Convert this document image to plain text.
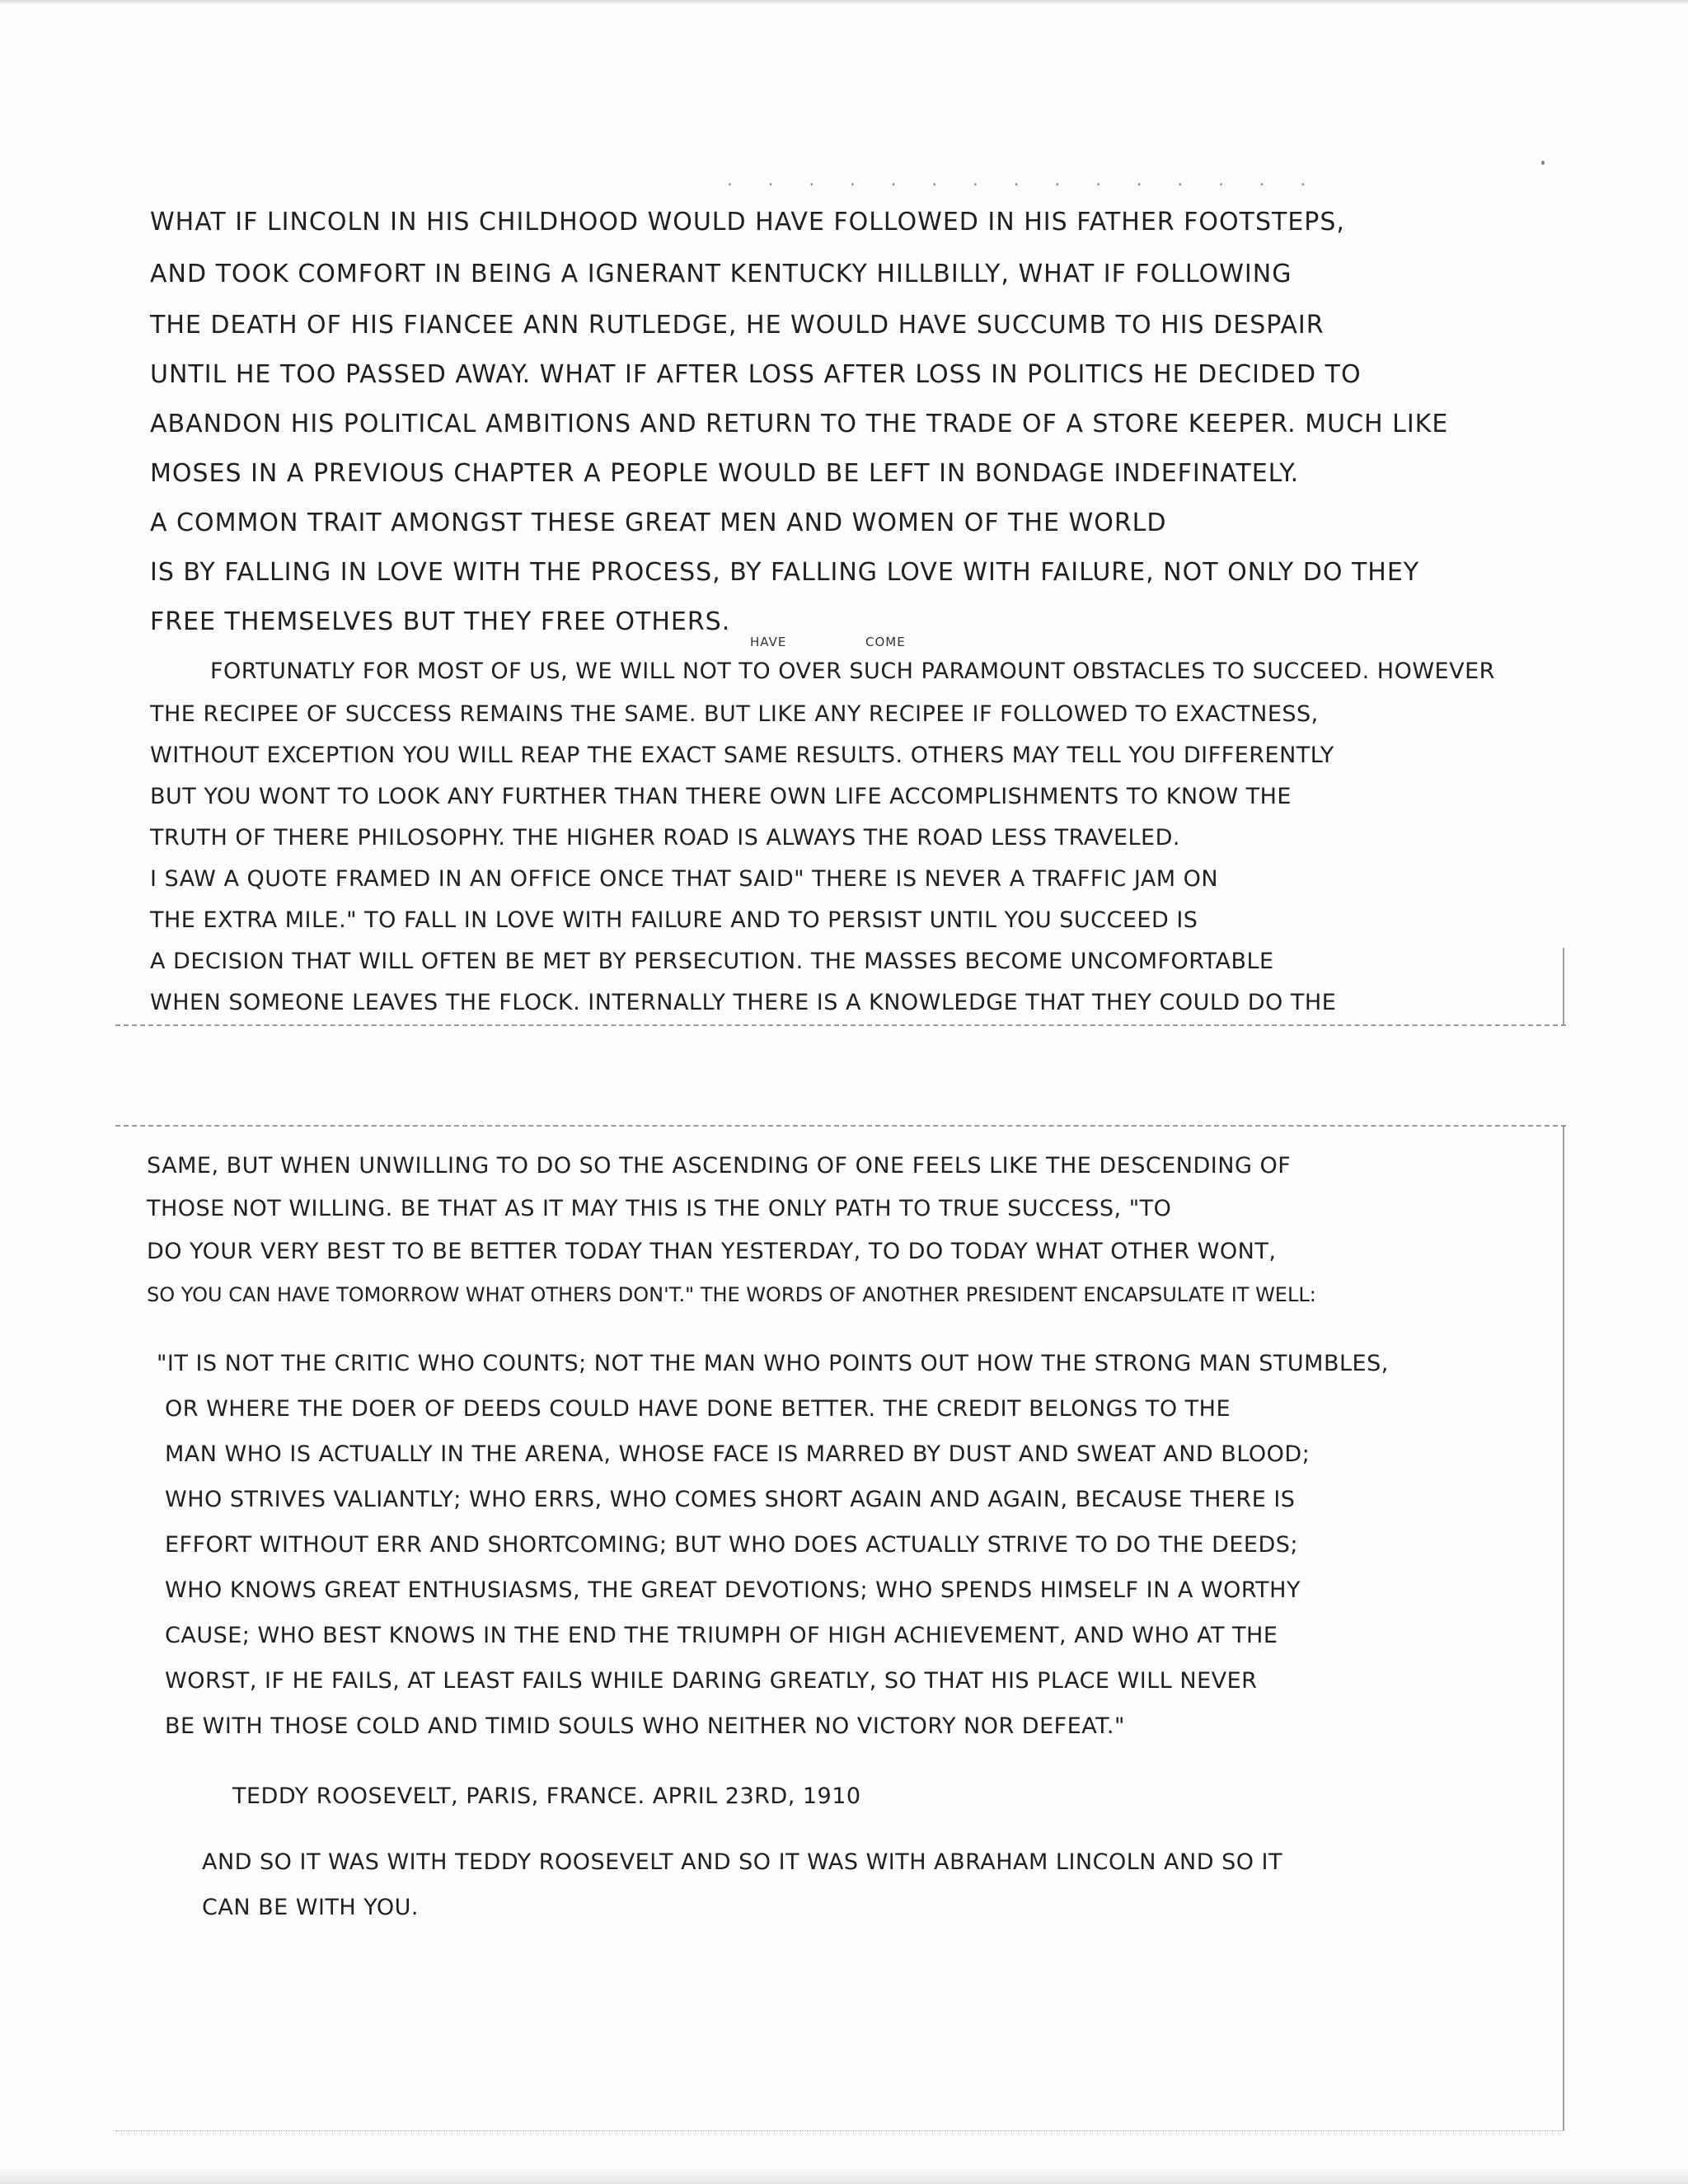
· · · · · · · · · · · · · · ·
WHAT IF LINCOLN IN HIS CHILDHOOD WOULD HAVE FOLLOWED IN HIS FATHER FOOTSTEPS,
AND TOOK COMFORT IN BEING A IGNERANT KENTUCKY HILLBILLY, WHAT IF FOLLOWING
THE DEATH OF HIS FIANCEE ANN RUTLEDGE, HE WOULD HAVE SUCCUMB TO HIS DESPAIR
UNTIL HE TOO PASSED AWAY. WHAT IF AFTER LOSS AFTER LOSS IN POLITICS HE DECIDED TO
ABANDON HIS POLITICAL AMBITIONS AND RETURN TO THE TRADE OF A STORE KEEPER. MUCH LIKE
MOSES IN A PREVIOUS CHAPTER A PEOPLE WOULD BE LEFT IN BONDAGE INDEFINATELY.
A COMMON TRAIT AMONGST THESE GREAT MEN AND WOMEN OF THE WORLD
IS BY FALLING IN LOVE WITH THE PROCESS, BY FALLING LOVE WITH FAILURE, NOT ONLY DO THEY
FREE THEMSELVES BUT THEY FREE OTHERS.
HAVE	COME
FORTUNATLY FOR MOST OF US, WE WILL NOT TO OVER SUCH PARAMOUNT OBSTACLES TO SUCCEED. HOWEVER
THE RECIPEE OF SUCCESS REMAINS THE SAME. BUT LIKE ANY RECIPEE IF FOLLOWED TO EXACTNESS,
WITHOUT EXCEPTION YOU WILL REAP THE EXACT SAME RESULTS. OTHERS MAY TELL YOU DIFFERENTLY
BUT YOU WONT TO LOOK ANY FURTHER THAN THERE OWN LIFE ACCOMPLISHMENTS TO KNOW THE
TRUTH OF THERE PHILOSOPHY. THE HIGHER ROAD IS ALWAYS THE ROAD LESS TRAVELED.
I SAW A QUOTE FRAMED IN AN OFFICE ONCE THAT SAID" THERE IS NEVER A TRAFFIC JAM ON
THE EXTRA MILE." TO FALL IN LOVE WITH FAILURE AND TO PERSIST UNTIL YOU SUCCEED IS
A DECISION THAT WILL OFTEN BE MET BY PERSECUTION. THE MASSES BECOME UNCOMFORTABLE
WHEN SOMEONE LEAVES THE FLOCK. INTERNALLY THERE IS A KNOWLEDGE THAT THEY COULD DO THE
SAME, BUT WHEN UNWILLING TO DO SO THE ASCENDING OF ONE FEELS LIKE THE DESCENDING OF
THOSE NOT WILLING. BE THAT AS IT MAY THIS IS THE ONLY PATH TO TRUE SUCCESS, "TO
DO YOUR VERY BEST TO BE BETTER TODAY THAN YESTERDAY, TO DO TODAY WHAT OTHER WONT,
SO YOU CAN HAVE TOMORROW WHAT OTHERS DON'T." THE WORDS OF ANOTHER PRESIDENT ENCAPSULATE IT WELL:
"IT IS NOT THE CRITIC WHO COUNTS; NOT THE MAN WHO POINTS OUT HOW THE STRONG MAN STUMBLES,
OR WHERE THE DOER OF DEEDS COULD HAVE DONE BETTER. THE CREDIT BELONGS TO THE
MAN WHO IS ACTUALLY IN THE ARENA, WHOSE FACE IS MARRED BY DUST AND SWEAT AND BLOOD;
WHO STRIVES VALIANTLY; WHO ERRS, WHO COMES SHORT AGAIN AND AGAIN, BECAUSE THERE IS
EFFORT WITHOUT ERR AND SHORTCOMING; BUT WHO DOES ACTUALLY STRIVE TO DO THE DEEDS;
WHO KNOWS GREAT ENTHUSIASMS, THE GREAT DEVOTIONS; WHO SPENDS HIMSELF IN A WORTHY
CAUSE; WHO BEST KNOWS IN THE END THE TRIUMPH OF HIGH ACHIEVEMENT, AND WHO AT THE
WORST, IF HE FAILS, AT LEAST FAILS WHILE DARING GREATLY, SO THAT HIS PLACE WILL NEVER
BE WITH THOSE COLD AND TIMID SOULS WHO NEITHER NO VICTORY NOR DEFEAT."
TEDDY ROOSEVELT, PARIS, FRANCE. APRIL 23RD, 1910
AND SO IT WAS WITH TEDDY ROOSEVELT AND SO IT WAS WITH ABRAHAM LINCOLN AND SO IT
CAN BE WITH YOU.
